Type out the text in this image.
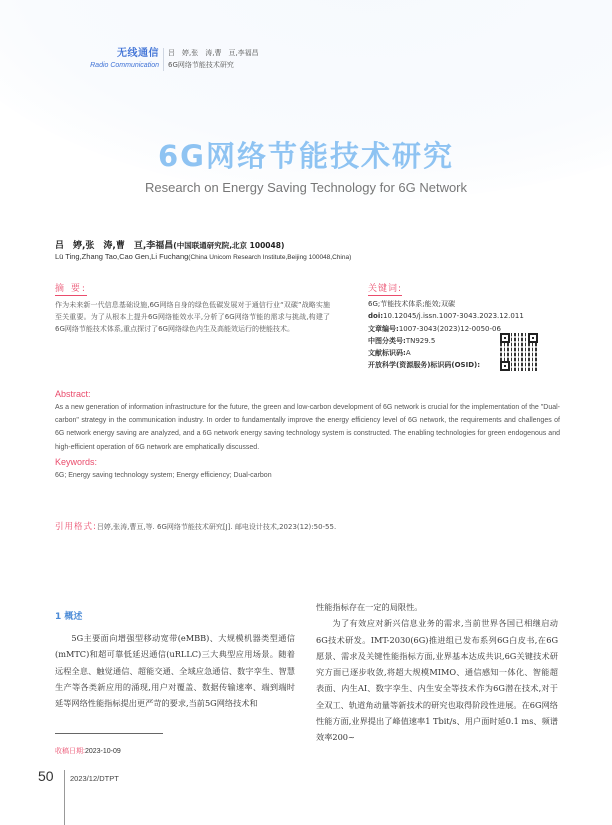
无线通信
Radio Communication
吕　婷,张　涛,曹　亘,李福昌
6G网络节能技术研究
6G网络节能技术研究
Research on Energy Saving Technology for 6G Network
吕　婷,张　涛,曹　亘,李福昌(中国联通研究院,北京 100048)
Lü Ting,Zhang Tao,Cao Gen,Li Fuchang(China Unicom Research Institute,Beijing 100048,China)
摘 要:

作为未来新一代信息基础设施,6G网络自身的绿色低碳发展对于通信行业“双碳”战略实施至关重要。为了从根本上提升6G网络能效水平,分析了6G网络节能的需求与挑战,构建了6G网络节能技术体系,重点探讨了6G网络绿色内生及高能效运行的使能技术。

关键词:
6G;节能技术体系;能效;双碳
doi:10.12045/j.issn.1007-3043.2023.12.011
文章编号:1007-3043(2023)12-0050-06
中图分类号:TN929.5
文献标识码:A
开放科学(资源服务)标识码(OSID):
Abstract:

As a new generation of information infrastructure for the future, the green and low-carbon development of 6G network is crucial for the implementation of the "Dual-carbon" strategy in the communication industry. In order to fundamentally improve the energy efficiency level of 6G network, the requirements and challenges of 6G network energy saving are analyzed, and a 6G network energy saving technology system is constructed. The enabling technologies for green endogenous and high-efficient operation of 6G network are emphatically discussed.

Keywords:

6G; Energy saving technology system; Energy efficiency; Dual-carbon

引用格式:吕婷,张涛,曹亘,等. 6G网络节能技术研究[J]. 邮电设计技术,2023(12):50-55.
1 概述

5G主要面向增强型移动宽带(eMBB)、大规模机器类型通信(mMTC)和超可靠低延迟通信(uRLLC)三大典型应用场景。随着远程全息、触觉通信、超能交通、全域应急通信、数字孪生、智慧生产等各类新应用的涌现,用户对覆盖、数据传输速率、端到端时延等网络性能指标提出更严苛的要求,当前5G网络技术和

性能指标存在一定的局限性。

为了有效应对新兴信息业务的需求,当前世界各国已相继启动6G技术研发。IMT-2030(6G)推进组已发布系列6G白皮书,在6G愿景、需求及关键性能指标方面,业界基本达成共识,6G关键技术研究方面已逐步收敛,将超大规模MIMO、通信感知一体化、智能超表面、内生AI、数字孪生、内生安全等技术作为6G潜在技术,对于全双工、轨道角动量等新技术的研究也取得阶段性进展。在6G网络性能方面,业界提出了峰值速率1 Tbit/s、用户面时延0.1 ms、频谱效率200~

收稿日期:2023-10-09
50 2023/12/DTPT
